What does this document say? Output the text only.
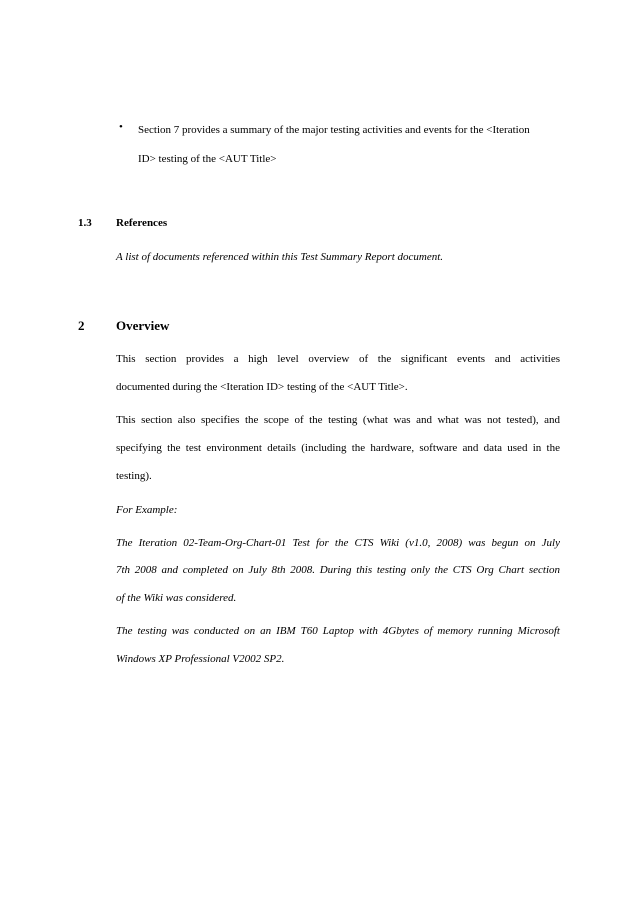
• Section 7 provides a summary of the major testing activities and events for the <Iteration
ID> testing of the <AUT Title>
1.3 References
A list of documents referenced within this Test Summary Report document.
2 Overview
This section provides a high level overview of the significant events and activities
documented during the <Iteration ID> testing of the <AUT Title>.
This section also specifies the scope of the testing (what was and what was not tested), and
specifying the test environment details (including the hardware, software and data used in the
testing).
For Example:
The Iteration 02-Team-Org-Chart-01 Test for the CTS Wiki (v1.0, 2008) was begun on July
7th 2008 and completed on July 8th 2008. During this testing only the CTS Org Chart section
of the Wiki was considered.
The testing was conducted on an IBM T60 Laptop with 4Gbytes of memory running Microsoft
Windows XP Professional V2002 SP2.
